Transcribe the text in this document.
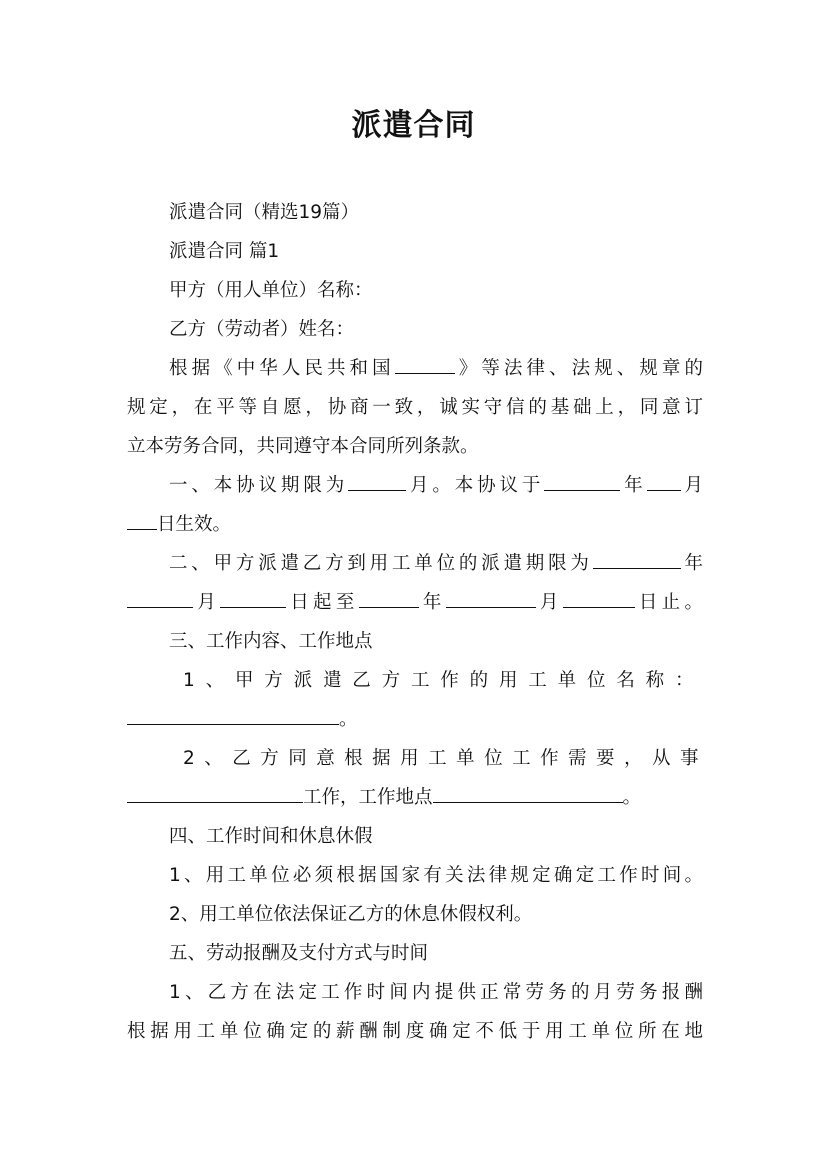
派遣合同
派遣合同（精选19篇）
派遣合同 篇1
甲方（用人单位）名称：
乙方（劳动者）姓名：
根据《中华人民共和国	》等法律、法规、规章的
规定，在平等自愿，协商一致，诚实守信的基础上，同意订
立本劳务合同，共同遵守本合同所列条款。
一、本协议期限为	月。本协议于	年 月
日生效。
二、甲方派遣乙方到用工单位的派遣期限为	年
月	日起至	年	月	日止。
三、工作内容、工作地点
1、甲方派遣乙方工作的用工单位名称：
。
2、乙方同意根据用工单位工作需要，从事
工作，工作地点	。
四、工作时间和休息休假
1、用工单位必须根据国家有关法律规定确定工作时间。
2、用工单位依法保证乙方的休息休假权利。
五、劳动报酬及支付方式与时间
1、乙方在法定工作时间内提供正常劳务的月劳务报酬
根据用工单位确定的薪酬制度确定不低于用工单位所在地
